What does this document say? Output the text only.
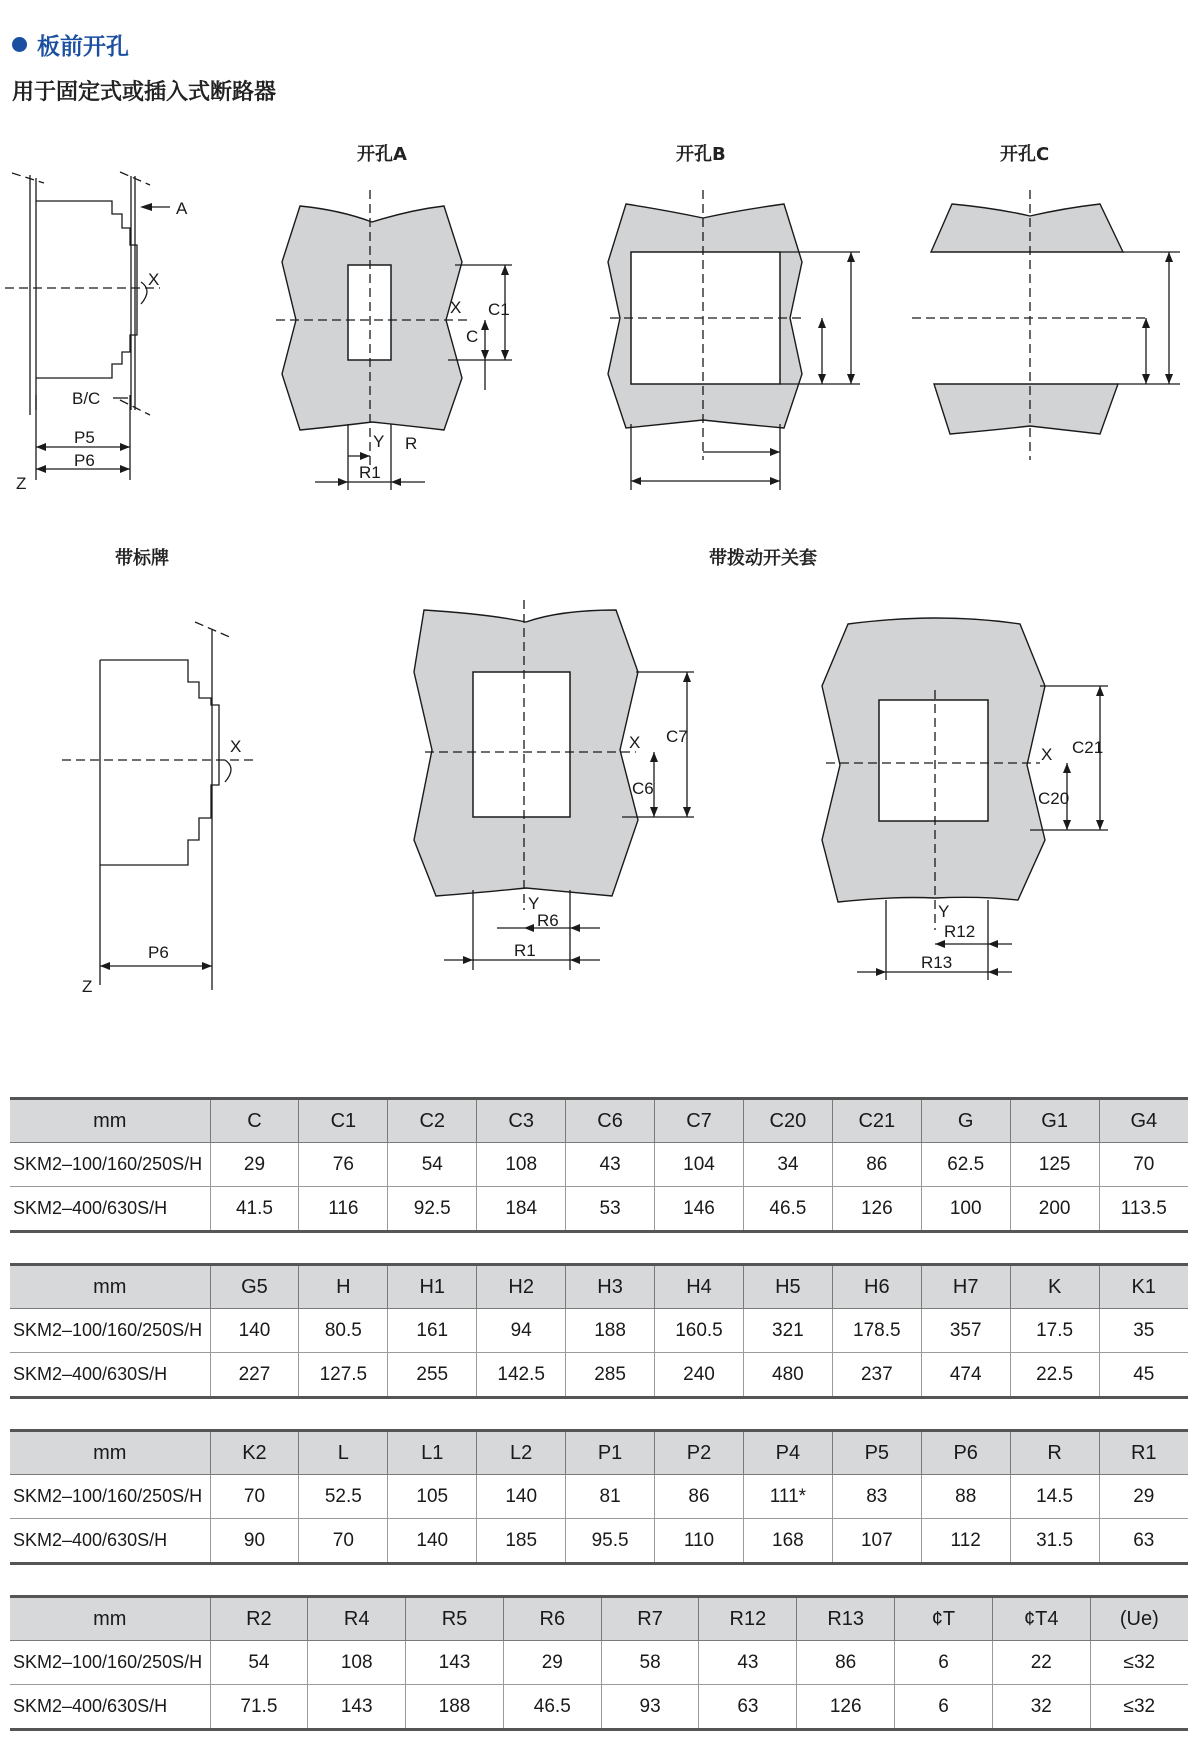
板前开孔
用于固定式或插入式断路器
开孔A	开孔B	开孔C
带标牌	带拨动开关套
A
X
B/C
P5
P6
Z
X C1
C
Y R
R1
X
P6
Z
X C7
C6
Y
R6
R1
X C21
C20
Y
R12
R13
mm	C	C1	C2	C3	C6	C7	C20	C21	G	G1	G4
SKM2–100/160/250S/H	29	76	54	108	43	104	34	86	62.5	125	70
SKM2–400/630S/H	41.5	116	92.5	184	53	146	46.5	126	100	200	113.5
mm	G5	H	H1	H2	H3	H4	H5	H6	H7	K	K1
SKM2–100/160/250S/H	140	80.5	161	94	188	160.5	321	178.5	357	17.5	35
SKM2–400/630S/H	227	127.5	255	142.5	285	240	480	237	474	22.5	45
mm	K2	L	L1	L2	P1	P2	P4	P5	P6	R	R1
SKM2–100/160/250S/H	70	52.5	105	140	81	86	111*	83	88	14.5	29
SKM2–400/630S/H	90	70	140	185	95.5	110	168	107	112	31.5	63
mm	R2	R4	R5	R6	R7	R12	R13	¢T	¢T4	(Ue)
SKM2–100/160/250S/H	54	108	143	29	58	43	86	6	22	≤32
SKM2–400/630S/H	71.5	143	188	46.5	93	63	126	6	32	≤32
